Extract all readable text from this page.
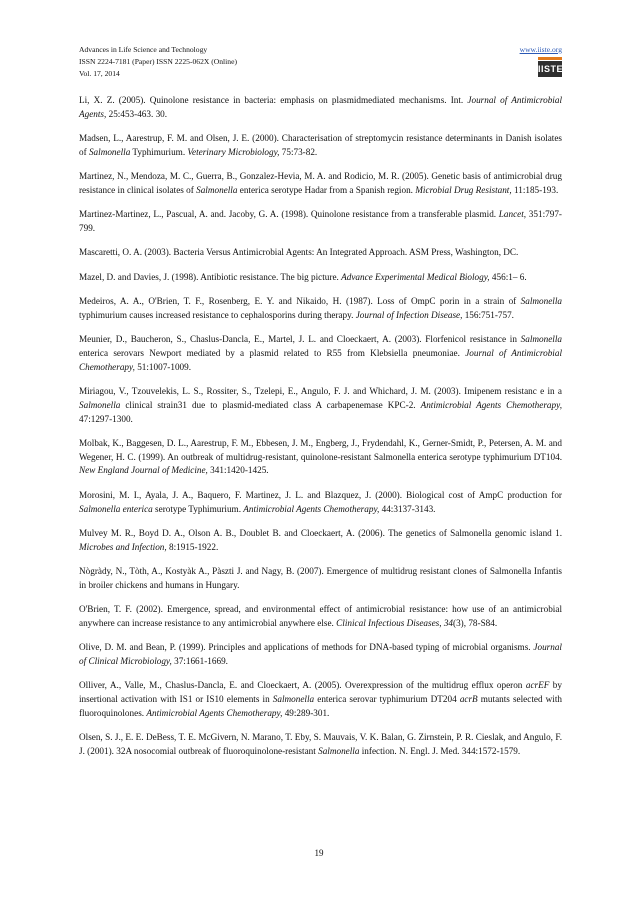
Advances in Life Science and Technology
ISSN 2224-7181 (Paper) ISSN 2225-062X (Online)
Vol. 17, 2014
www.iiste.org
IISTE

Li, X. Z. (2005). Quinolone resistance in bacteria: emphasis on plasmidmediated mechanisms. Int. Journal of Antimicrobial Agents, 25:453-463. 30.

Madsen, L., Aarestrup, F. M. and Olsen, J. E. (2000). Characterisation of streptomycin resistance determinants in Danish isolates of Salmonella Typhimurium. Veterinary Microbiology, 75:73-82.

Martinez, N., Mendoza, M. C., Guerra, B., Gonzalez-Hevia, M. A. and Rodicio, M. R. (2005). Genetic basis of antimicrobial drug resistance in clinical isolates of Salmonella enterica serotype Hadar from a Spanish region. Microbial Drug Resistant, 11:185-193.

Martinez-Martinez, L., Pascual, A. and. Jacoby, G. A. (1998). Quinolone resistance from a transferable plasmid. Lancet, 351:797-799.

Mascaretti, O. A. (2003). Bacteria Versus Antimicrobial Agents: An Integrated Approach. ASM Press, Washington, DC.

Mazel, D. and Davies, J. (1998). Antibiotic resistance. The big picture. Advance Experimental Medical Biology, 456:1– 6.

Medeiros, A. A., O'Brien, T. F., Rosenberg, E. Y. and Nikaido, H. (1987). Loss of OmpC porin in a strain of Salmonella typhimurium causes increased resistance to cephalosporins during therapy. Journal of Infection Disease, 156:751-757.

Meunier, D., Baucheron, S., Chaslus-Dancla, E., Martel, J. L. and Cloeckaert, A. (2003). Florfenicol resistance in Salmonella enterica serovars Newport mediated by a plasmid related to R55 from Klebsiella pneumoniae. Journal of Antimicrobial Chemotherapy, 51:1007-1009.

Miriagou, V., Tzouvelekis, L. S., Rossiter, S., Tzelepi, E., Angulo, F. J. and Whichard, J. M. (2003). Imipenem resistanc e in a Salmonella clinical strain31 due to plasmid-mediated class A carbapenemase KPC-2. Antimicrobial Agents Chemotherapy, 47:1297-1300.

Molbak, K., Baggesen, D. L., Aarestrup, F. M., Ebbesen, J. M., Engberg, J., Frydendahl, K., Gerner-Smidt, P., Petersen, A. M. and Wegener, H. C. (1999). An outbreak of multidrug-resistant, quinolone-resistant Salmonella enterica serotype typhimurium DT104. New England Journal of Medicine, 341:1420-1425.

Morosini, M. I., Ayala, J. A., Baquero, F. Martinez, J. L. and Blazquez, J. (2000). Biological cost of AmpC production for Salmonella enterica serotype Typhimurium. Antimicrobial Agents Chemotherapy, 44:3137-3143.

Mulvey M. R., Boyd D. A., Olson A. B., Doublet B. and Cloeckaert, A. (2006). The genetics of Salmonella genomic island 1. Microbes and Infection, 8:1915-1922.

Nògràdy, N., Tòth, A., Kostyàk A., Pàszti J. and Nagy, B. (2007). Emergence of multidrug resistant clones of Salmonella Infantis in broiler chickens and humans in Hungary.

O'Brien, T. F. (2002). Emergence, spread, and environmental effect of antimicrobial resistance: how use of an antimicrobial anywhere can increase resistance to any antimicrobial anywhere else. Clinical Infectious Diseases, 34(3), 78-S84.

Olive, D. M. and Bean, P. (1999). Principles and applications of methods for DNA-based typing of microbial organisms. Journal of Clinical Microbiology, 37:1661-1669.

Olliver, A., Valle, M., Chaslus-Dancla, E. and Cloeckaert, A. (2005). Overexpression of the multidrug efflux operon acrEF by insertional activation with IS1 or IS10 elements in Salmonella enterica serovar typhimurium DT204 acrB mutants selected with fluoroquinolones. Antimicrobial Agents Chemotherapy, 49:289-301.

Olsen, S. J., E. E. DeBess, T. E. McGivern, N. Marano, T. Eby, S. Mauvais, V. K. Balan, G. Zirnstein, P. R. Cieslak, and Angulo, F. J. (2001). 32A nosocomial outbreak of fluoroquinolone-resistant Salmonella infection. N. Engl. J. Med. 344:1572-1579.

19
